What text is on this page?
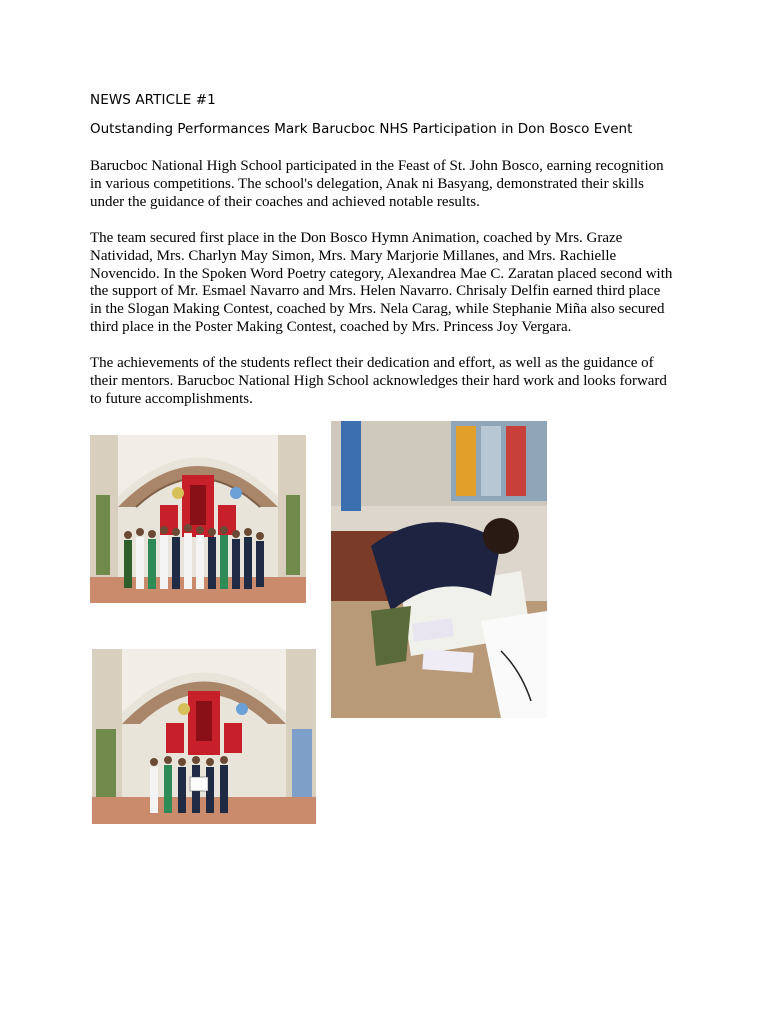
NEWS ARTICLE #1
Outstanding Performances Mark Barucboc NHS Participation in Don Bosco Event

Barucboc National High School participated in the Feast of St. John Bosco, earning recognition in various competitions. The school's delegation, Anak ni Basyang, demonstrated their skills under the guidance of their coaches and achieved notable results.

The team secured first place in the Don Bosco Hymn Animation, coached by Mrs. Graze Natividad, Mrs. Charlyn May Simon, Mrs. Mary Marjorie Millanes, and Mrs. Rachielle Novencido. In the Spoken Word Poetry category, Alexandrea Mae C. Zaratan placed second with the support of Mr. Esmael Navarro and Mrs. Helen Navarro. Chrisaly Delfin earned third place in the Slogan Making Contest, coached by Mrs. Nela Carag, while Stephanie Miña also secured third place in the Poster Making Contest, coached by Mrs. Princess Joy Vergara.

The achievements of the students reflect their dedication and effort, as well as the guidance of their mentors. Barucboc National High School acknowledges their hard work and looks forward to future accomplishments.
